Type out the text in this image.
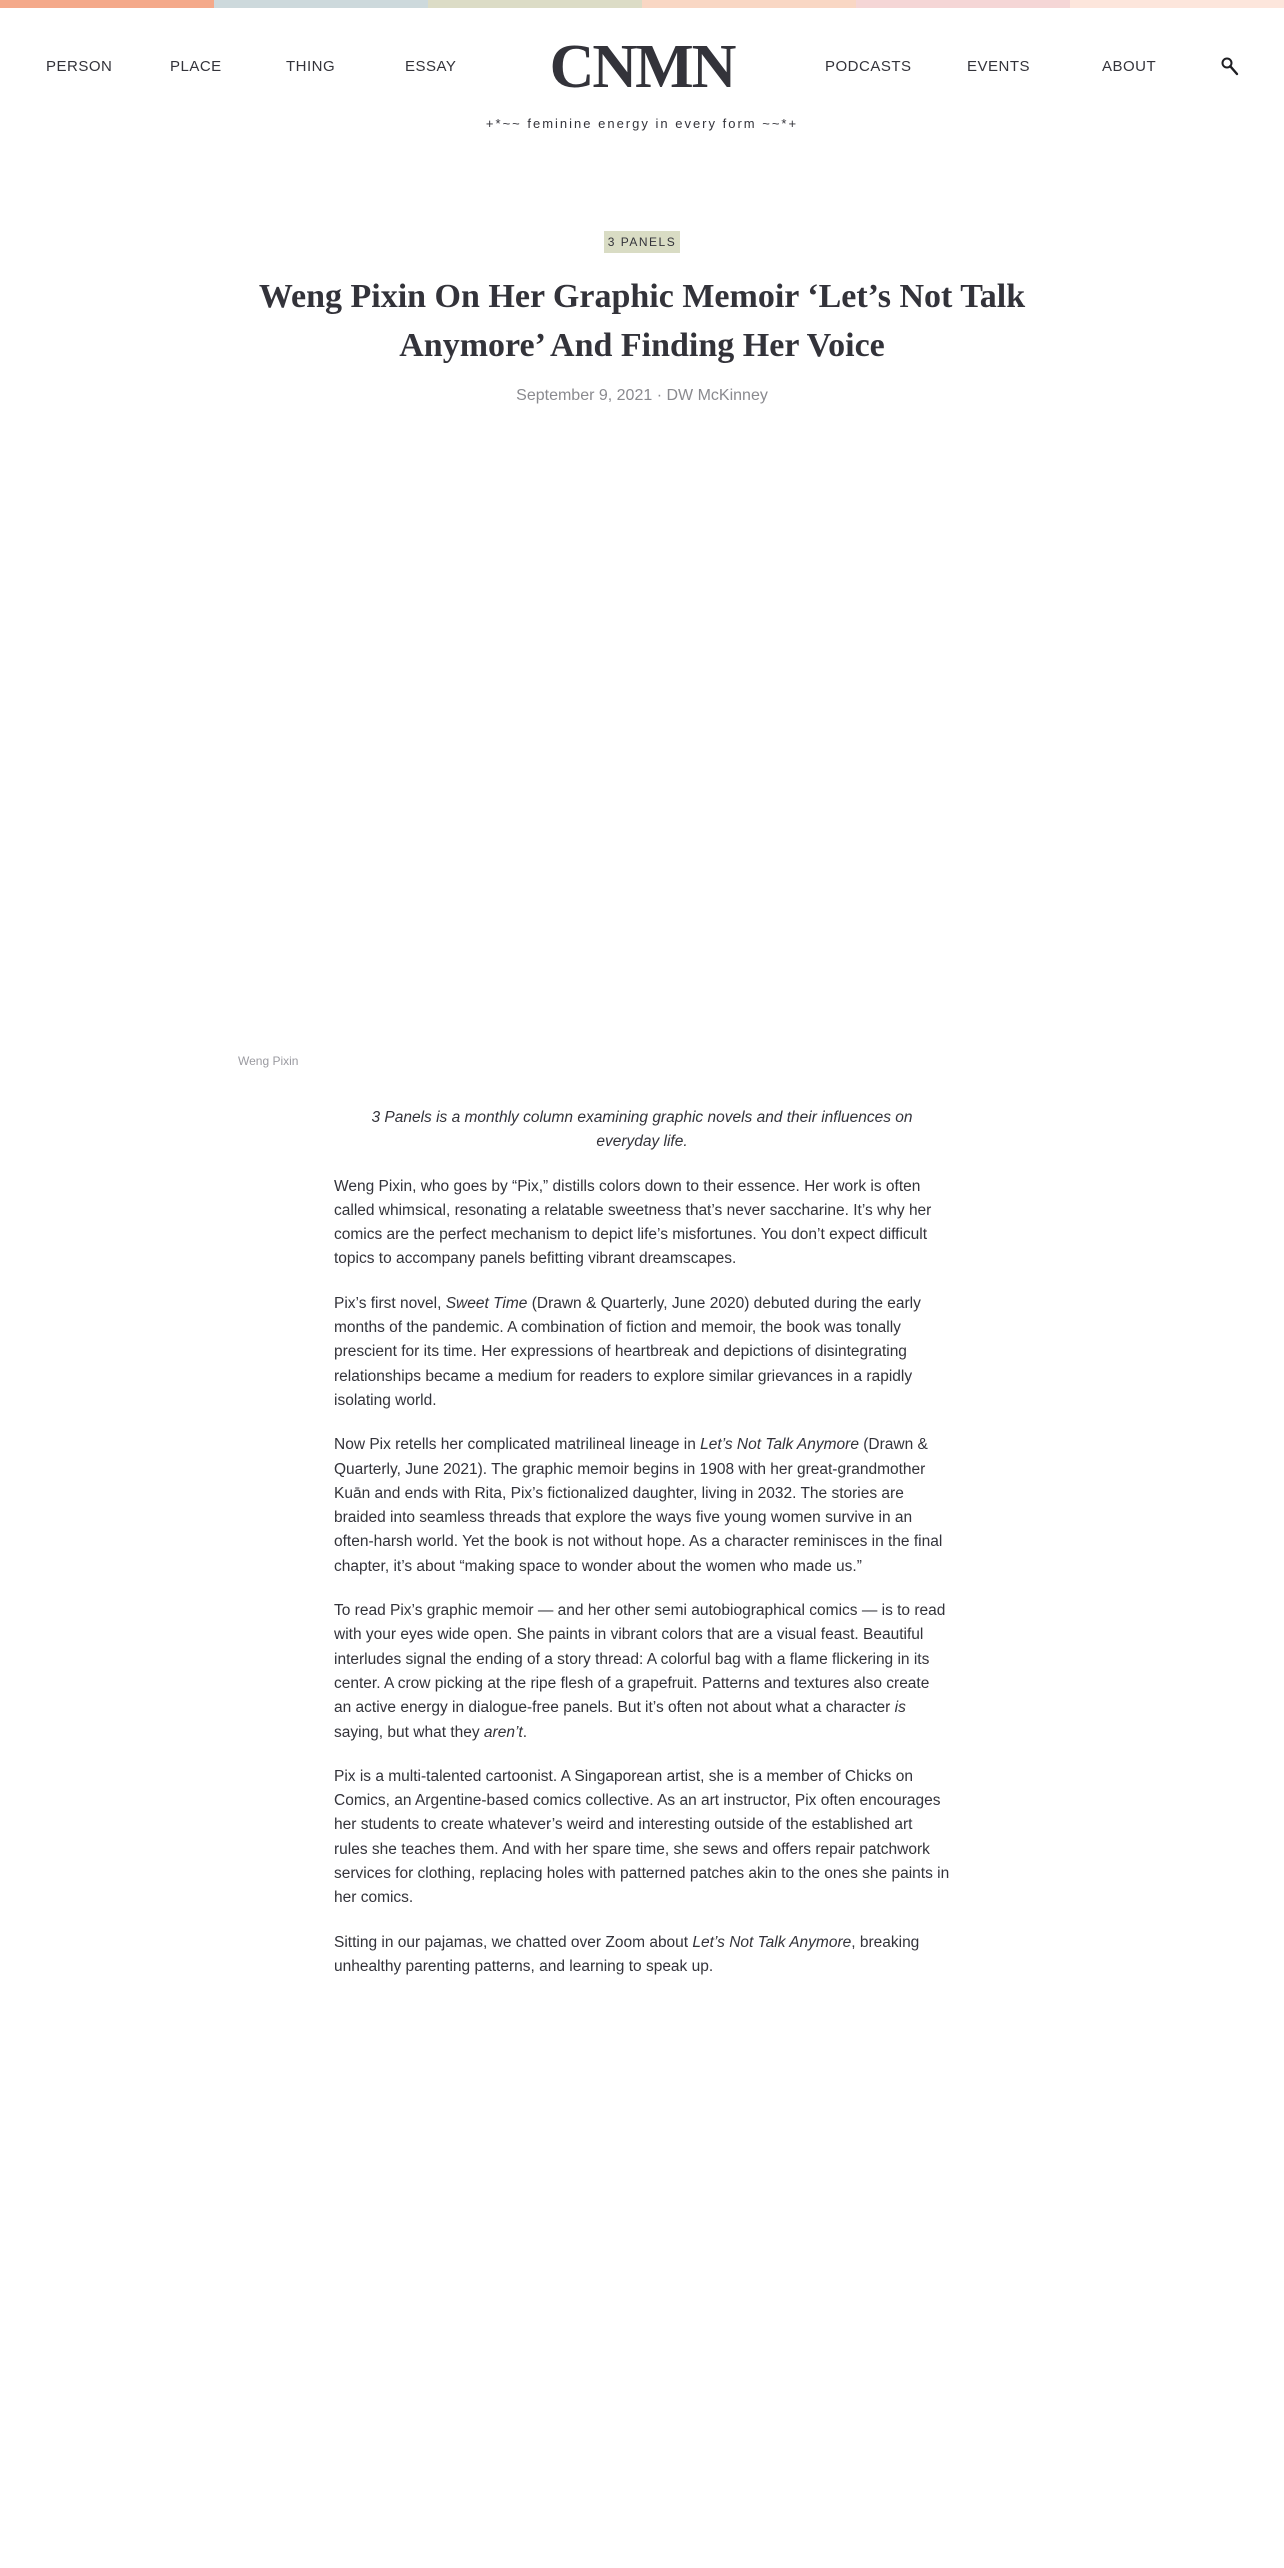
PERSON	PLACE	THING	ESSAY	CNMN	PODCASTS	EVENTS	ABOUT
+*~~ feminine energy in every form ~~*+
3 PANELS
Weng Pixin On Her Graphic Memoir ‘Let’s Not Talk Anymore’ And Finding Her Voice
September 9, 2021 · DW McKinney
Weng Pixin

3 Panels is a monthly column examining graphic novels and their influences on everyday life.

Weng Pixin, who goes by “Pix,” distills colors down to their essence. Her work is often called whimsical, resonating a relatable sweetness that’s never saccharine. It’s why her comics are the perfect mechanism to depict life’s misfortunes. You don’t expect difficult topics to accompany panels befitting vibrant dreamscapes.

Pix’s first novel, Sweet Time (Drawn & Quarterly, June 2020) debuted during the early months of the pandemic. A combination of fiction and memoir, the book was tonally prescient for its time. Her expressions of heartbreak and depictions of disintegrating relationships became a medium for readers to explore similar grievances in a rapidly isolating world.

Now Pix retells her complicated matrilineal lineage in Let’s Not Talk Anymore (Drawn & Quarterly, June 2021). The graphic memoir begins in 1908 with her great-grandmother Kuān and ends with Rita, Pix’s fictionalized daughter, living in 2032. The stories are braided into seamless threads that explore the ways five young women survive in an often-harsh world. Yet the book is not without hope. As a character reminisces in the final chapter, it’s about “making space to wonder about the women who made us.”

To read Pix’s graphic memoir — and her other semi autobiographical comics — is to read with your eyes wide open. She paints in vibrant colors that are a visual feast. Beautiful interludes signal the ending of a story thread: A colorful bag with a flame flickering in its center. A crow picking at the ripe flesh of a grapefruit. Patterns and textures also create an active energy in dialogue-free panels. But it’s often not about what a character is saying, but what they aren’t.

Pix is a multi-talented cartoonist. A Singaporean artist, she is a member of Chicks on Comics, an Argentine-based comics collective. As an art instructor, Pix often encourages her students to create whatever’s weird and interesting outside of the established art rules she teaches them. And with her spare time, she sews and offers repair patchwork services for clothing, replacing holes with patterned patches akin to the ones she paints in her comics.

Sitting in our pajamas, we chatted over Zoom about Let’s Not Talk Anymore, breaking unhealthy parenting patterns, and learning to speak up.
